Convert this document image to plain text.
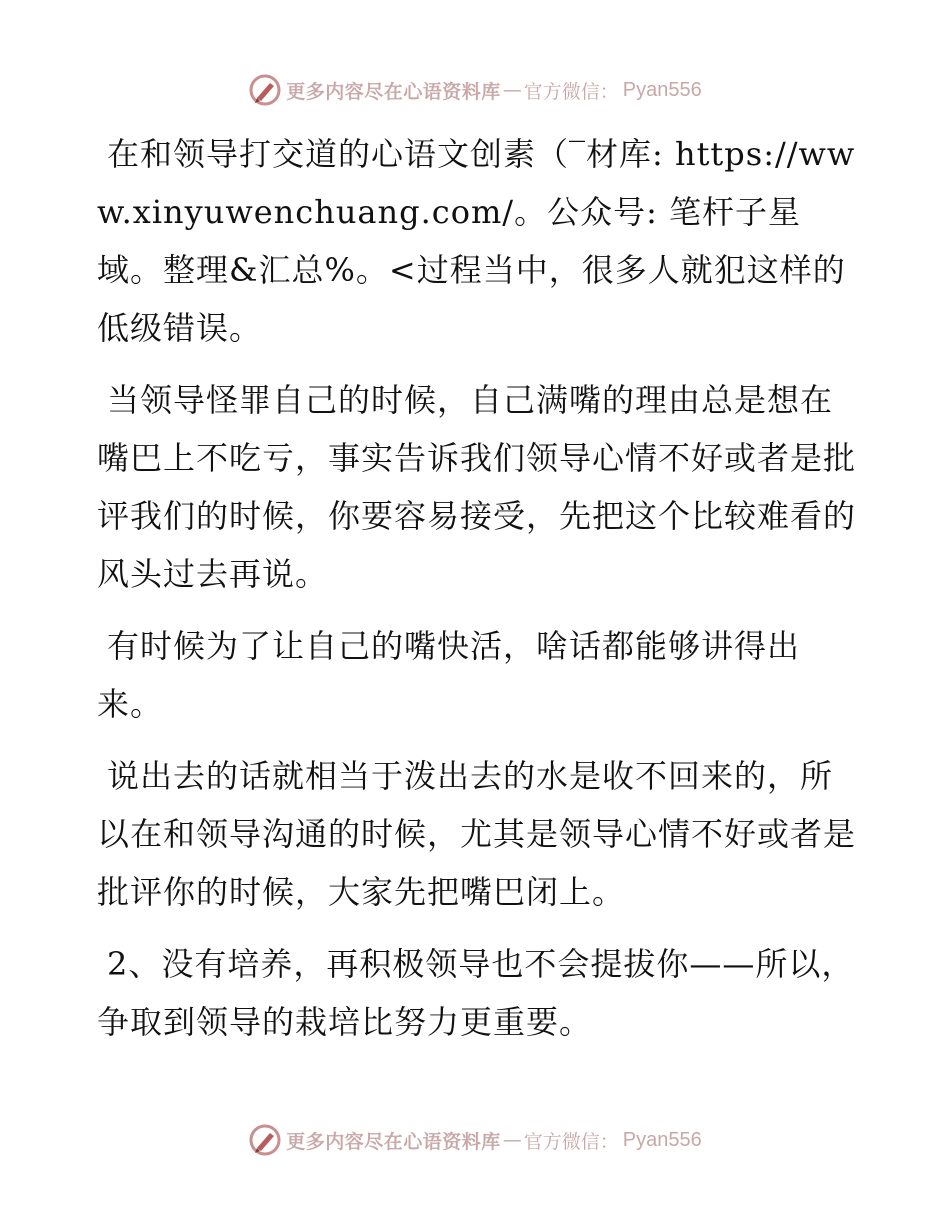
更多内容尽在心语资料库 — 官方微信： Pyan556

在和领导打交道的心语文创素（‾材库: https://www.xinyuwenchuang.com/。公众号: 笔杆子星域。整理&汇总%。<过程当中，很多人就犯这样的低级错误。

当领导怪罪自己的时候，自己满嘴的理由总是想在嘴巴上不吃亏，事实告诉我们领导心情不好或者是批评我们的时候，你要容易接受，先把这个比较难看的风头过去再说。

有时候为了让自己的嘴快活，啥话都能够讲得出来。

说出去的话就相当于泼出去的水是收不回来的，所以在和领导沟通的时候，尤其是领导心情不好或者是批评你的时候，大家先把嘴巴闭上。

2、没有培养，再积极领导也不会提拔你——所以，争取到领导的栽培比努力更重要。

更多内容尽在心语资料库 — 官方微信： Pyan556
